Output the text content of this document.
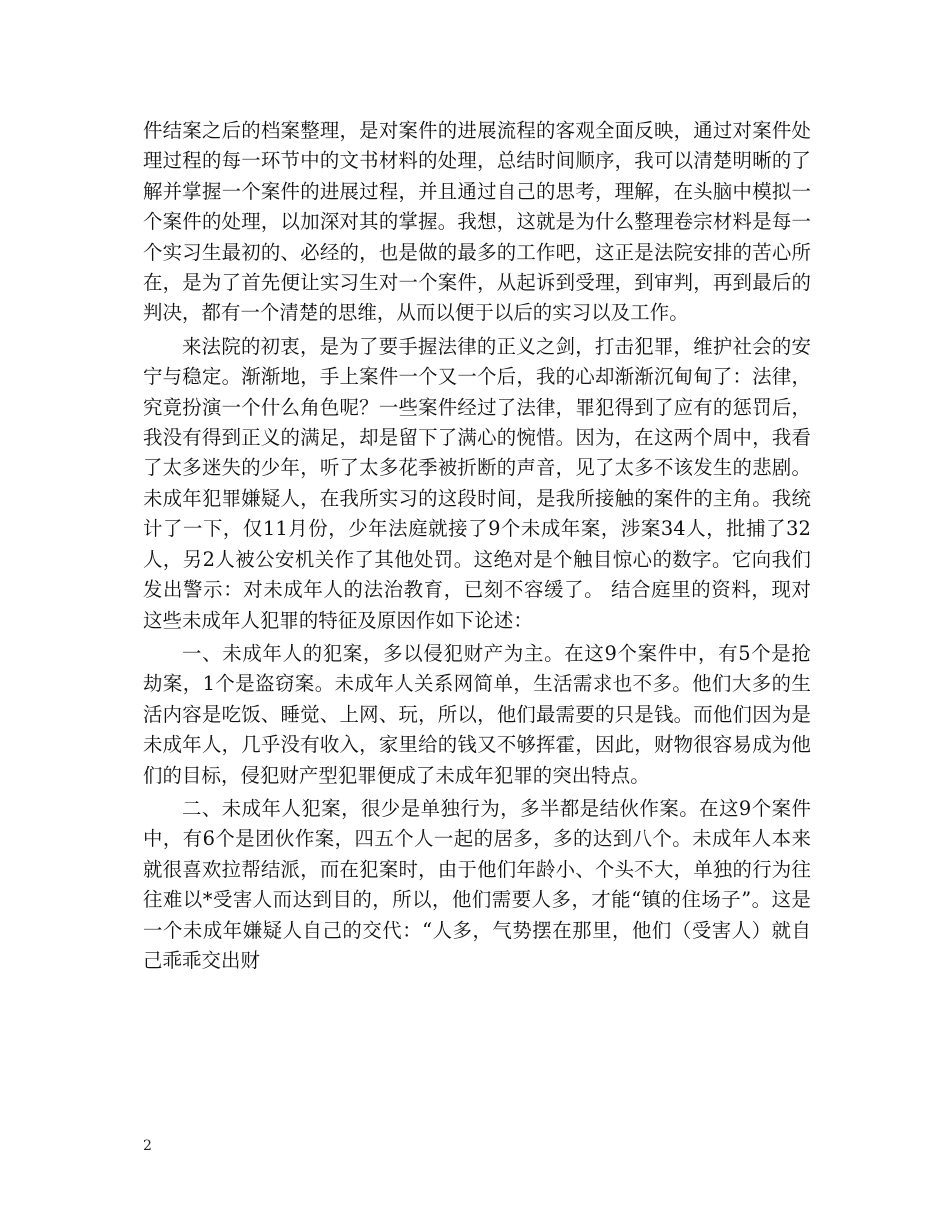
件结案之后的档案整理，是对案件的进展流程的客观全面反映，通过对案件处理过程的每一环节中的文书材料的处理，总结时间顺序，我可以清楚明晰的了解并掌握一个案件的进展过程，并且通过自己的思考，理解，在头脑中模拟一个案件的处理，以加深对其的掌握。我想，这就是为什么整理卷宗材料是每一个实习生最初的、必经的，也是做的最多的工作吧，这正是法院安排的苦心所在，是为了首先便让实习生对一个案件，从起诉到受理，到审判，再到最后的判决，都有一个清楚的思维，从而以便于以后的实习以及工作。

来法院的初衷，是为了要手握法律的正义之剑，打击犯罪，维护社会的安宁与稳定。渐渐地，手上案件一个又一个后，我的心却渐渐沉甸甸了：法律，究竟扮演一个什么角色呢？一些案件经过了法律，罪犯得到了应有的惩罚后，我没有得到正义的满足，却是留下了满心的惋惜。因为，在这两个周中，我看了太多迷失的少年，听了太多花季被折断的声音，见了太多不该发生的悲剧。未成年犯罪嫌疑人，在我所实习的这段时间，是我所接触的案件的主角。我统计了一下，仅11月份，少年法庭就接了9个未成年案，涉案34人，批捕了32人，另2人被公安机关作了其他处罚。这绝对是个触目惊心的数字。它向我们发出警示：对未成年人的法治教育，已刻不容缓了。 结合庭里的资料，现对这些未成年人犯罪的特征及原因作如下论述：

一、未成年人的犯案，多以侵犯财产为主。在这9个案件中，有5个是抢劫案，1个是盗窃案。未成年人关系网简单，生活需求也不多。他们大多的生活内容是吃饭、睡觉、上网、玩，所以，他们最需要的只是钱。而他们因为是未成年人，几乎没有收入，家里给的钱又不够挥霍，因此，财物很容易成为他们的目标，侵犯财产型犯罪便成了未成年犯罪的突出特点。

二、未成年人犯案，很少是单独行为，多半都是结伙作案。在这9个案件中，有6个是团伙作案，四五个人一起的居多，多的达到八个。未成年人本来就很喜欢拉帮结派，而在犯案时，由于他们年龄小、个头不大，单独的行为往往难以*受害人而达到目的，所以，他们需要人多，才能“镇的住场子”。这是一个未成年嫌疑人自己的交代：“人多，气势摆在那里，他们（受害人）就自己乖乖交出财

2
